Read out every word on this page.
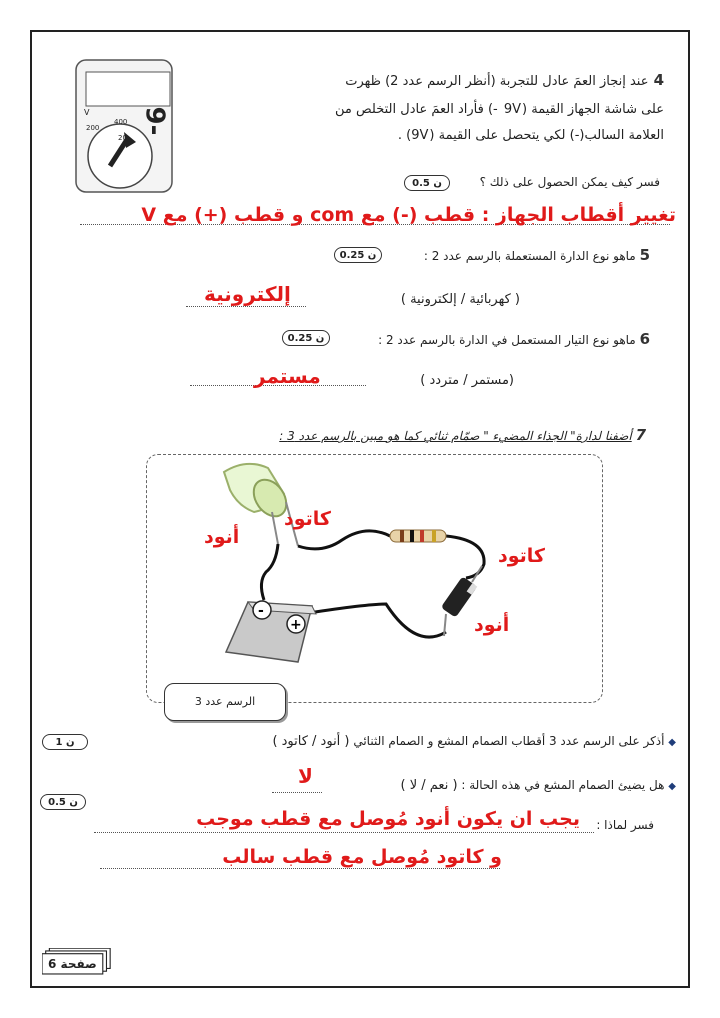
9-
V
200
400
20
4 عند إنجاز العمَ عادل للتجربة (أنظر الرسم عدد 2) ظهرت
على شاشة الجهاز القيمة (9V -) فأراد العمَ عادل التخلص من
العلامة السالب(-) لكي يتحصل على القيمة (9V) .
فسر كيف يمكن الحصول على ذلك ؟
0.5 ن
تغيير أقطاب الجهاز : قطب (-) مع com و قطب (+) مع V
5 ماهو نوع الدارة المستعملة بالرسم عدد 2 :
0.25 ن
( كهربائية / إلكترونية )
إلكترونية
6 ماهو نوع التيار المستعمل في الدارة بالرسم عدد 2 :
0.25 ن
(مستمر / متردد )
مستمر
7 أضفنا لدارة" الجذاء المضيء " صمّام ثنائي كما هو مبين بالرسم عدد 3 :
-
+
كاتود
أنود
كاتود
أنود
الرسم عدد 3
◆ أذكر على الرسم عدد 3 أقطاب الصمام المشع و الصمام الثنائي ( أنود / كاتود )
1 ن
◆ هل يضيئ الصمام المشع في هذه الحالة : ( نعم / لا )
لا
0.5 ن
فسر لماذا :
يجب ان يكون أنود مُوصل مع قطب موجب
و كاتود مُوصل مع قطب سالب
صفحة 6
